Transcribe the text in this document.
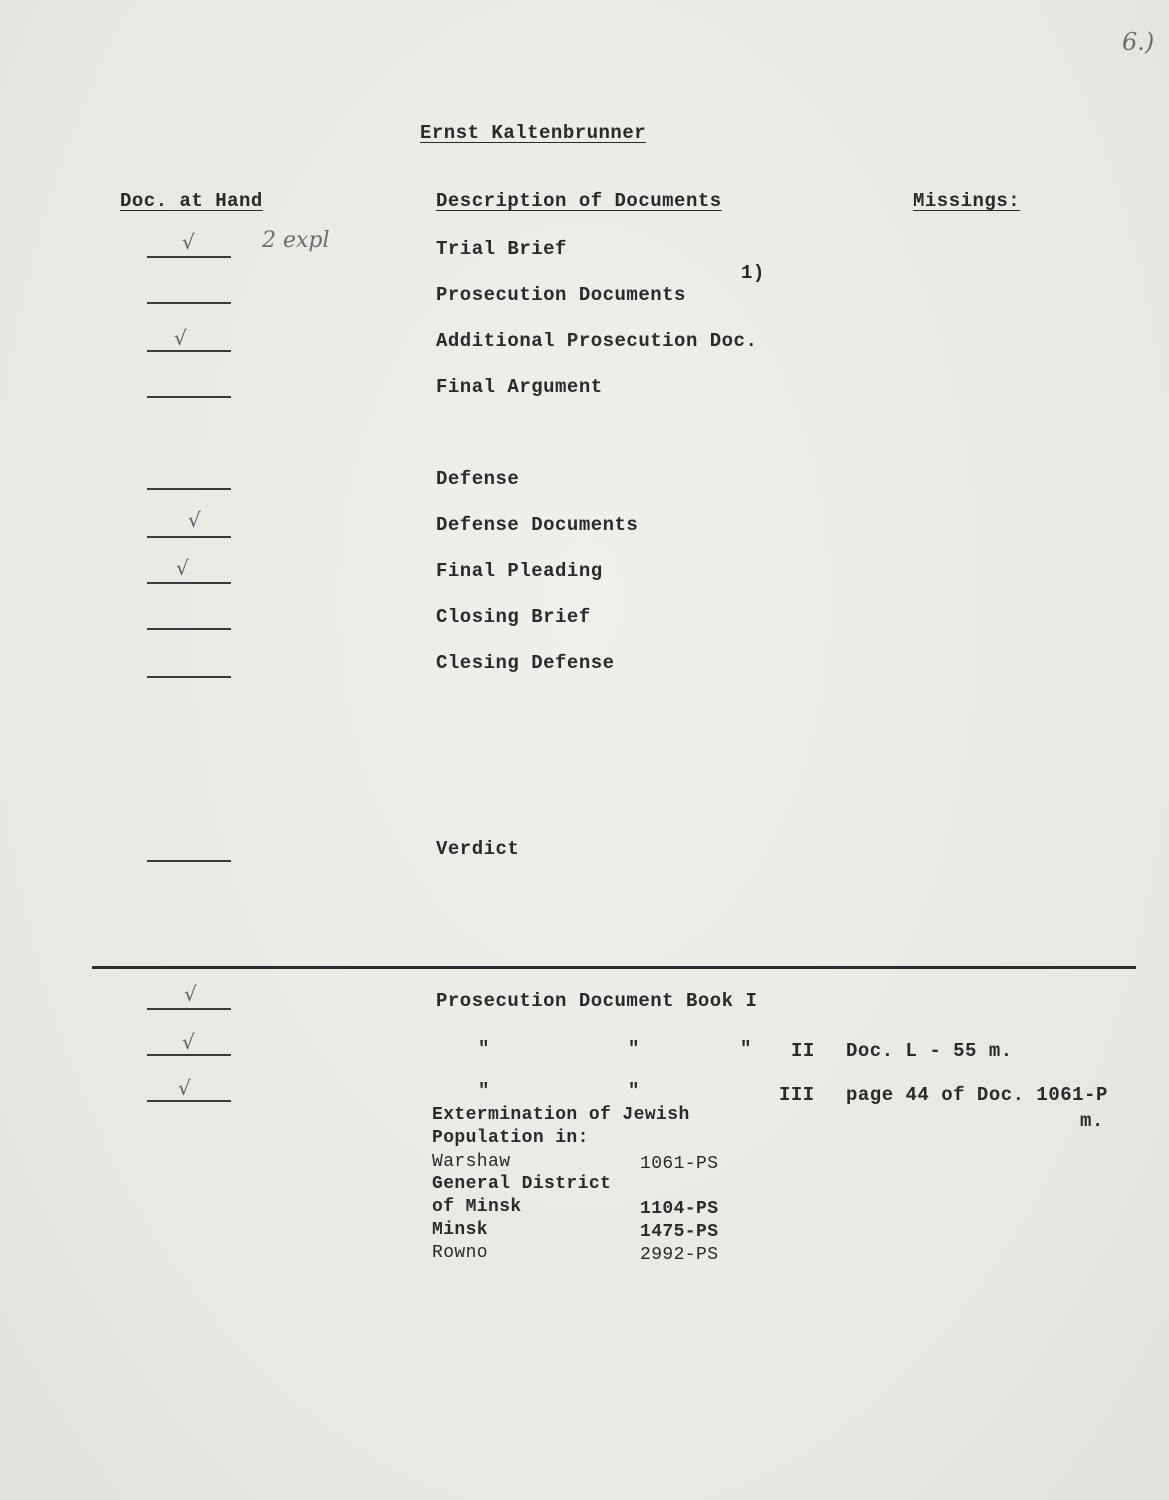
6.)
Ernst Kaltenbrunner
Doc. at Hand	Description of Documents	Missings:
√	2 expl	Trial Brief
1)
Prosecution Documents
√	Additional Prosecution Doc.
Final Argument
Defense
√	Defense Documents
√	Final Pleading
Closing Brief
Clesing Defense
Verdict
√	Prosecution Document Book I
√	"	"	" II Doc. L - 55 m.
√	"	"	III page 44 of Doc. 1061-P
m.
Extermination of Jewish
Population in:
Warshaw	1061-PS
General District
of Minsk	1104-PS
Minsk	1475-PS
Rowno	2992-PS
